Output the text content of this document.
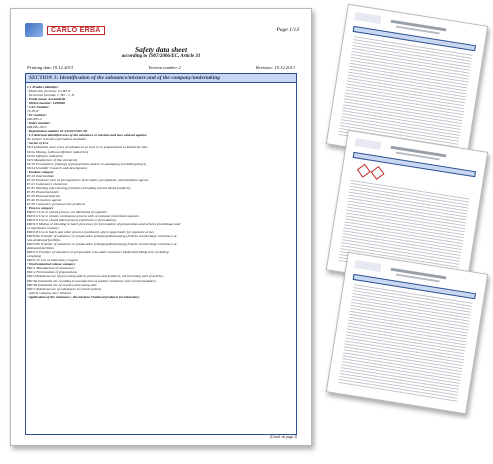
CARLO ERBA	Page 1/13
Safety data sheet
according to 1907/2006/EC, Article 31
Printing date 19.12.2013	Version number 2	Revision: 19.12.2013
SECTION 1: Identification of the substance/mixture and of the company/undertaking
1.1 Product identifier
· Molecular formula: C2 H3 N
· Structural formula: C H3 – C N
· Trade name: Acetonitrile
· MSDS number: CH0690
· CAS Number:
75-05-8
· EC number:
200-835-2
· Index number:
608-001-00-3
· Registration number 01-2119471307-38
· 1.2 Relevant identified uses of the substance or mixture and uses advised against
No further relevant information available.
· Sector of Use
SU3 Industrial uses: Uses of substances as such or in preparations at industrial sites
SU2a Mining, (without offshore industries)
SU2b Offshore industries
SU9 Manufacture of fine chemicals
SU10 Formulation [mixing] of preparations and/or re-packaging (excluding alloys)
SU24 Scientific research and development
· Product category
PC19 Intermediate
PC20 Products such as ph-regulators, flocculants, precipitants, neutralization agents
PC21 Laboratory chemicals
PC35 Washing and cleaning products (including solvent based products)
PC30 Photochemicals
PC29 Pharmaceuticals
PC40 Extraction agents
PC39 Cosmetics, personal care products
· Process category
PROC1 Use in closed process, no likelihood of exposure
PROC2 Use in closed, continuous process with occasional controlled exposure
PROC3 Use in closed batch process (synthesis or formulation)
PROC5 Mixing or blending in batch processes for formulation of preparations and articles (multistage and/
or significant contact)
PROC8 Use in batch and other process (synthesis) where opportunity for exposure arises
PROC8a Transfer of substance or preparation (charging/discharging) from/to vessels/large containers at
non-dedicated facilities
PROC8b Transfer of substance or preparation (charging/discharging) from/to vessels/large containers at
dedicated facilities
PROC9 Transfer of substance or preparation into small containers (dedicated filling line, including
weighing)
PROC15 Use as laboratory reagent
· Environmental release category
ERC1 Manufacture of substances
ERC2 Formulation of preparations
ERC4 Industrial use of processing aids in processes and products, not becoming part of articles
ERC6a Industrial use resulting in manufacture of another substance (use of intermediates)
ERC6b Industrial use of reactive processing aids
ERC7 Industrial use of substances in closed systems
· Article category AC1 Vehicles
· Application of the substance / the mixture Chemical products for laboratory
(Contd. on page 2)
